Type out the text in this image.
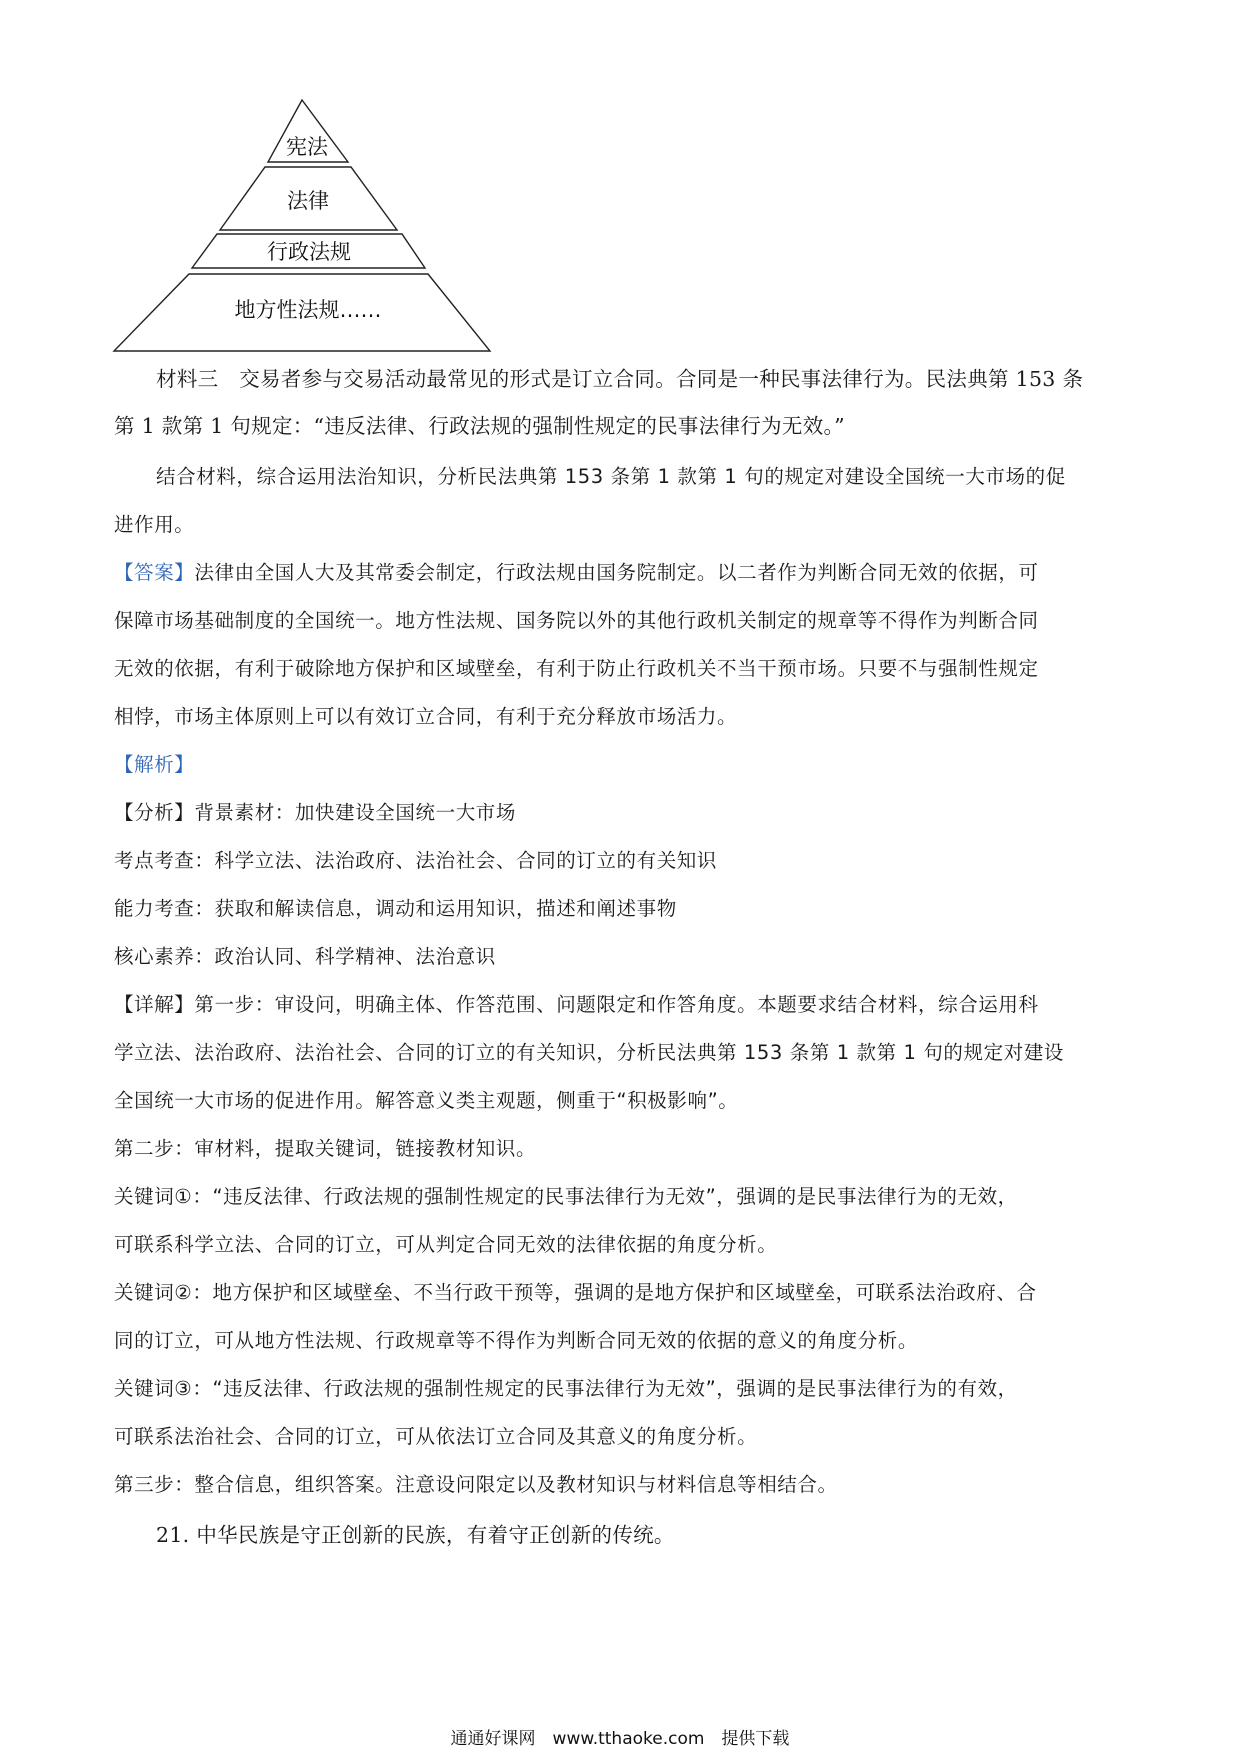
宪法
法律
行政法规
地方性法规……
材料三　交易者参与交易活动最常见的形式是订立合同。合同是一种民事法律行为。民法典第 153 条
第 1 款第 1 句规定：“违反法律、行政法规的强制性规定的民事法律行为无效。”
结合材料，综合运用法治知识，分析民法典第 153 条第 1 款第 1 句的规定对建设全国统一大市场的促
进作用。
【答案】法律由全国人大及其常委会制定，行政法规由国务院制定。以二者作为判断合同无效的依据，可
保障市场基础制度的全国统一。地方性法规、国务院以外的其他行政机关制定的规章等不得作为判断合同
无效的依据，有利于破除地方保护和区域壁垒，有利于防止行政机关不当干预市场。只要不与强制性规定
相悖，市场主体原则上可以有效订立合同，有利于充分释放市场活力。
【解析】
【分析】背景素材：加快建设全国统一大市场
考点考查：科学立法、法治政府、法治社会、合同的订立的有关知识
能力考查：获取和解读信息，调动和运用知识，描述和阐述事物
核心素养：政治认同、科学精神、法治意识
【详解】第一步：审设问，明确主体、作答范围、问题限定和作答角度。本题要求结合材料，综合运用科
学立法、法治政府、法治社会、合同的订立的有关知识，分析民法典第 153 条第 1 款第 1 句的规定对建设
全国统一大市场的促进作用。解答意义类主观题，侧重于“积极影响”。
第二步：审材料，提取关键词，链接教材知识。
关键词①：“违反法律、行政法规的强制性规定的民事法律行为无效”，强调的是民事法律行为的无效，
可联系科学立法、合同的订立，可从判定合同无效的法律依据的角度分析。
关键词②：地方保护和区域壁垒、不当行政干预等，强调的是地方保护和区域壁垒，可联系法治政府、合
同的订立，可从地方性法规、行政规章等不得作为判断合同无效的依据的意义的角度分析。
关键词③：“违反法律、行政法规的强制性规定的民事法律行为无效”，强调的是民事法律行为的有效，
可联系法治社会、合同的订立，可从依法订立合同及其意义的角度分析。
第三步：整合信息，组织答案。注意设问限定以及教材知识与材料信息等相结合。
21. 中华民族是守正创新的民族，有着守正创新的传统。
通通好课网　www.tthaoke.com　提供下载
